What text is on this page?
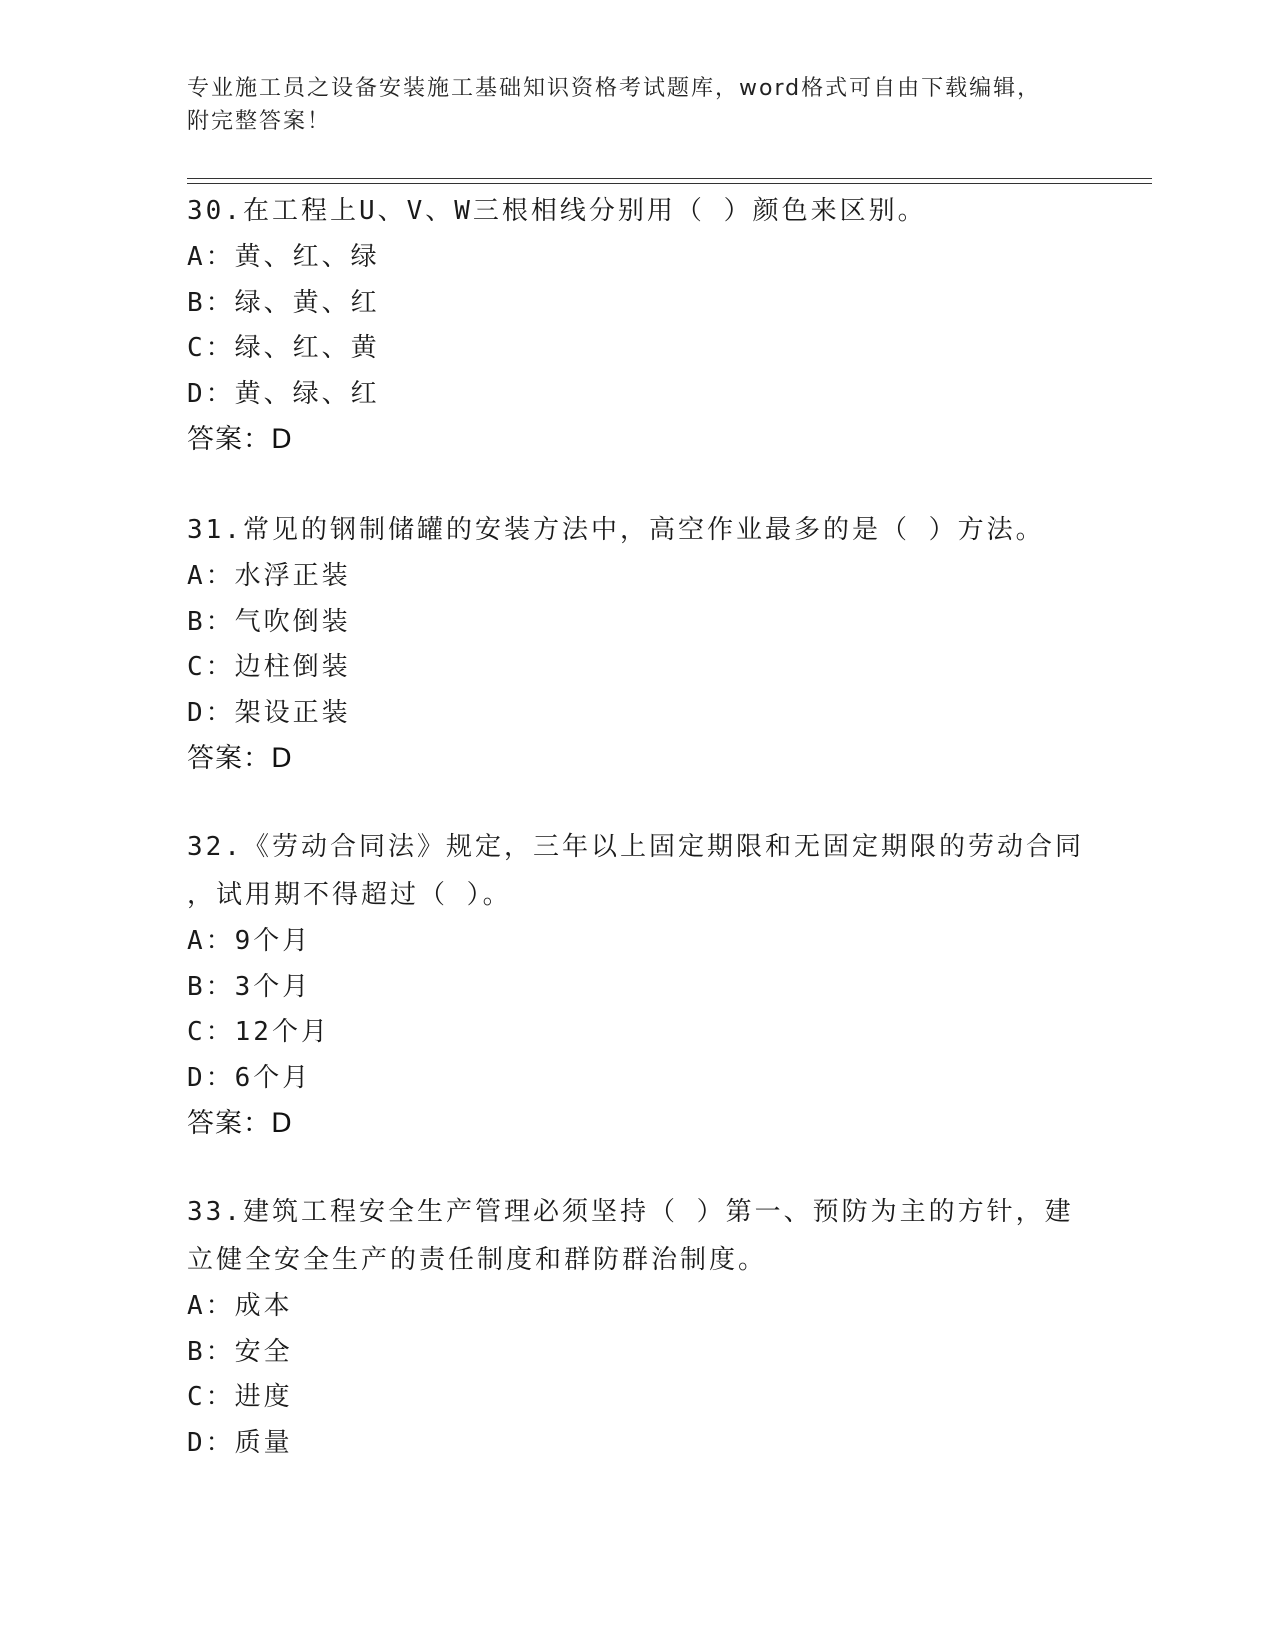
专业施工员之设备安装施工基础知识资格考试题库，word格式可自由下载编辑，
附完整答案！
30.在工程上U、V、W三根相线分别用（ ）颜色来区别。
A：黄、红、绿
B：绿、黄、红
C：绿、红、黄
D：黄、绿、红
答案：D
31.常见的钢制储罐的安装方法中，高空作业最多的是（ ）方法。
A：水浮正装
B：气吹倒装
C：边柱倒装
D：架设正装
答案：D
32.《劳动合同法》规定，三年以上固定期限和无固定期限的劳动合同
，试用期不得超过（ ）。
A：9个月
B：3个月
C：12个月
D：6个月
答案：D
33.建筑工程安全生产管理必须坚持（ ）第一、预防为主的方针，建
立健全安全生产的责任制度和群防群治制度。
A：成本
B：安全
C：进度
D：质量
